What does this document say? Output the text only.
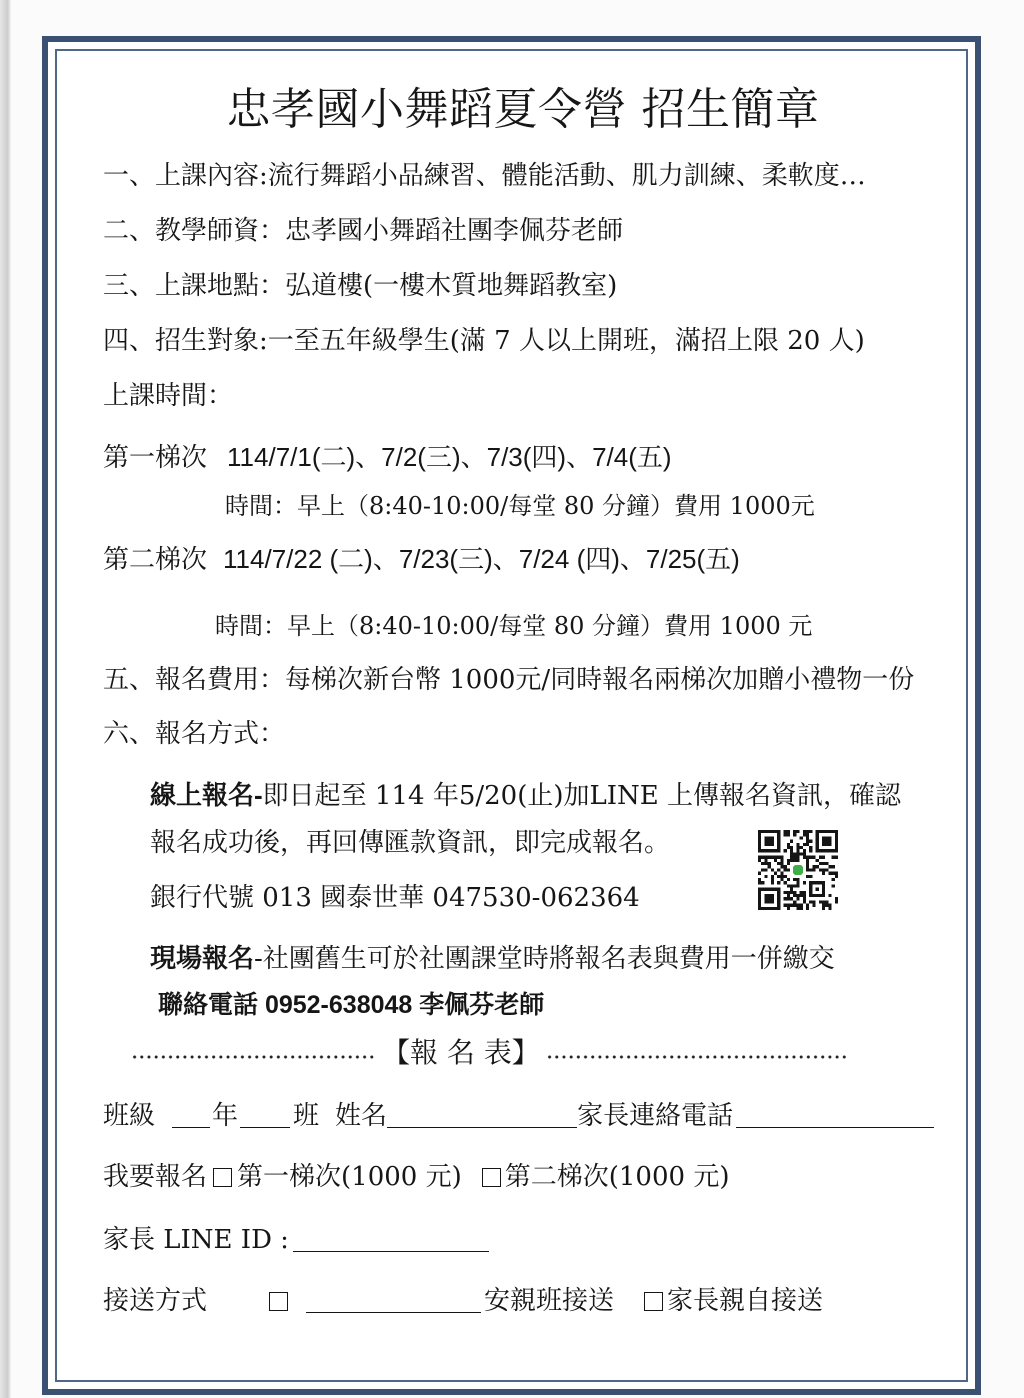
忠孝國小舞蹈夏令營 招生簡章
一、上課內容:流行舞蹈小品練習、體能活動、肌力訓練、柔軟度…
二、教學師資：忠孝國小舞蹈社團李佩芬老師
三、上課地點：弘道樓(一樓木質地舞蹈教室)
四、招生對象:一至五年級學生(滿 7 人以上開班，滿招上限 20 人)
上課時間：
第一梯次 114/7/1(二)、7/2(三)、7/3(四)、7/4(五)
時間：早上（8:40-10:00/每堂 80 分鐘）費用 1000元
第二梯次 114/7/22 (二)、7/23(三)、7/24 (四)、7/25(五)
時間：早上（8:40-10:00/每堂 80 分鐘）費用 1000 元
五、報名費用：每梯次新台幣 1000元/同時報名兩梯次加贈小禮物一份
六、報名方式：
線上報名-即日起至 114 年5/20(止)加LINE 上傳報名資訊，確認
報名成功後，再回傳匯款資訊，即完成報名。
銀行代號 013 國泰世華 047530-062364
現場報名-社團舊生可於社團課堂時將報名表與費用一併繳交
聯絡電話 0952-638048 李佩芬老師
【報 名 表】
班級 年 班 姓名	家長連絡電話
我要報名 第一梯次(1000 元) 第二梯次(1000 元)
家長 LINE ID :
接送方式	安親班接送 家長親自接送
